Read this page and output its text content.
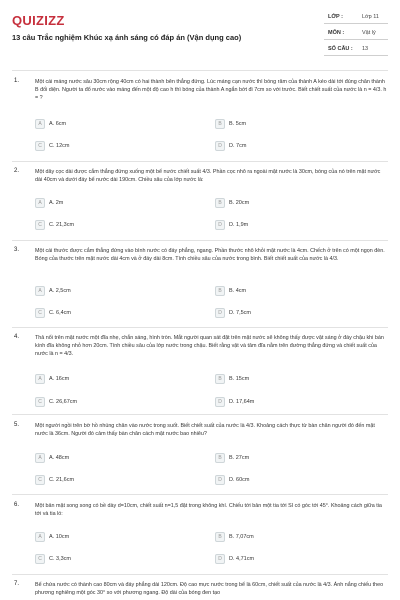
QUIZIZZ
13 câu Trắc nghiệm Khúc xạ ánh sáng có đáp án (Vận dụng cao)
LỚP :	Lớp 11
MÔN :	Vật lý
SỐ CÂU : 13
1.	Một cái máng nước sâu 30cm rộng 40cm có hai thành bên thẳng đứng. Lúc máng cạn nước thì bóng râm của thành A kéo dài tới đúng chân thành B đối diện. Người ta đổ nước vào máng đến một độ cao h thì bóng của thành A ngắn bớt đi 7cm so với trước. Biết chiết suất của nước là n = 4/3. h = ?
A	A. 6cm	B	B. 5cm
C	C. 12cm	D	D. 7cm
2.	Một dây cọc dài được cắm thẳng đứng xuống một bể nước chiết suất 4/3. Phần cọc nhô ra ngoài mặt nước là 30cm, bóng của nó trên mặt nước dài 40cm và dưới đáy bể nước dài 190cm. Chiều sâu của lớp nước là:
A	A. 2m	B	B. 20cm
C	C. 21,3cm	D	D. 1,9m
3.	Một cái thước được cắm thẳng đứng vào bình nước có đáy phẳng, ngang. Phần thước nhô khỏi mặt nước là 4cm. Chếch ở trên có một ngọn đèn. Bóng của thước trên mặt nước dài 4cm và ở đáy dài 8cm. Tính chiều sâu của nước trong bình. Biết chiết suất của nước là 4/3.
A	A. 2,5cm	B	B. 4cm
C	C. 6,4cm	D	D. 7,5cm
4.	Thả nổi trên mặt nước một đĩa nhẹ, chắn sáng, hình tròn. Mắt người quan sát đặt trên mặt nước sẽ không thấy được vật sáng ở đáy chậu khi bán kính đĩa không nhỏ hơn 20cm. Tính chiều sâu của lớp nước trong chậu. Biết rằng vật và tâm đĩa nằm trên đường thẳng đứng và chiết suất của nước là n = 4/3.
A	A. 16cm	B	B. 15cm
C	C. 26,67cm	D	D. 17,64m
5.	Một người ngồi trên bờ hồ nhúng chân vào nước trong suốt. Biết chiết suất của nước là 4/3. Khoảng cách thực từ bàn chân người đó đến mặt nước là 36cm. Người đó cảm thấy bàn chân cách mặt nước bao nhiêu?
A	A. 48cm	B	B. 27cm
C	C. 21,6cm	D	D. 60cm
6.	Một bản mặt song song có bề dày d=10cm, chiết suất n=1,5 đặt trong không khí. Chiếu tới bản một tia tới SI có góc tới 45°. Khoảng cách giữa tia tới và tia ló:
A	A. 10cm	B	B. 7,07cm
C	C. 3,3cm	D	D. 4,71cm
7.	Bể chứa nước có thành cao 80cm và đáy phẳng dài 120cm. Độ cao mực nước trong bể là 60cm, chiết suất của nước là 4/3. Ánh nắng chiếu theo phương nghiêng một góc 30° so với phương ngang. Độ dài của bóng đen tạo
